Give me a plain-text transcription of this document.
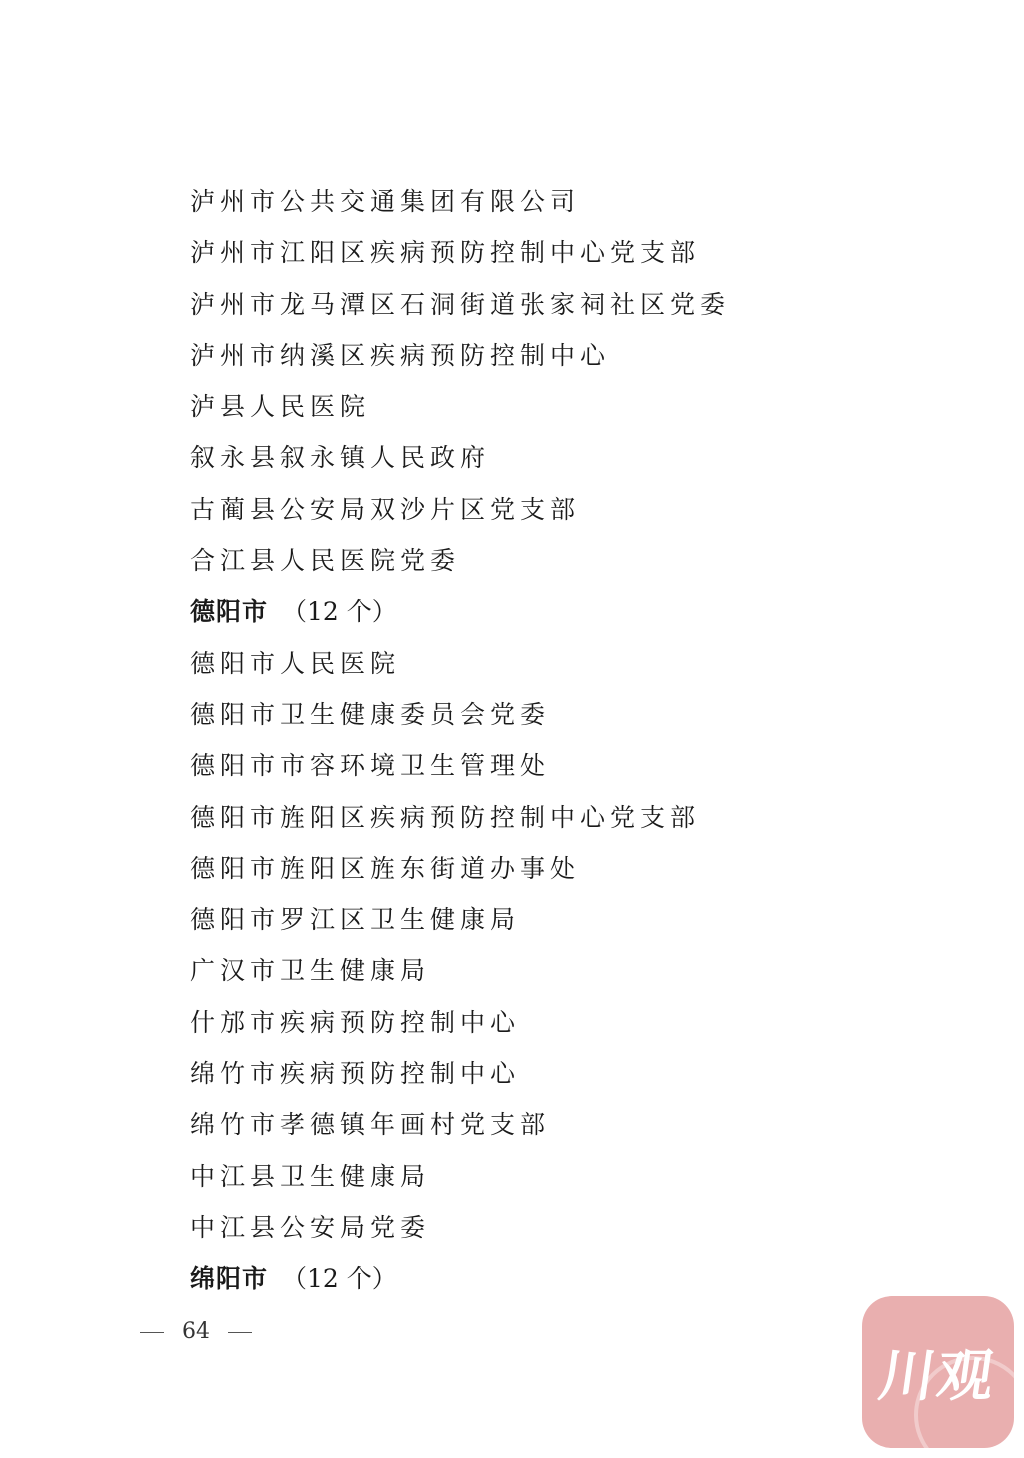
泸州市公共交通集团有限公司
泸州市江阳区疾病预防控制中心党支部
泸州市龙马潭区石洞街道张家祠社区党委
泸州市纳溪区疾病预防控制中心
泸县人民医院
叙永县叙永镇人民政府
古蔺县公安局双沙片区党支部
合江县人民医院党委
德阳市 （12 个）
德阳市人民医院
德阳市卫生健康委员会党委
德阳市市容环境卫生管理处
德阳市旌阳区疾病预防控制中心党支部
德阳市旌阳区旌东街道办事处
德阳市罗江区卫生健康局
广汉市卫生健康局
什邡市疾病预防控制中心
绵竹市疾病预防控制中心
绵竹市孝德镇年画村党支部
中江县卫生健康局
中江县公安局党委
绵阳市 （12 个）
64
川观
